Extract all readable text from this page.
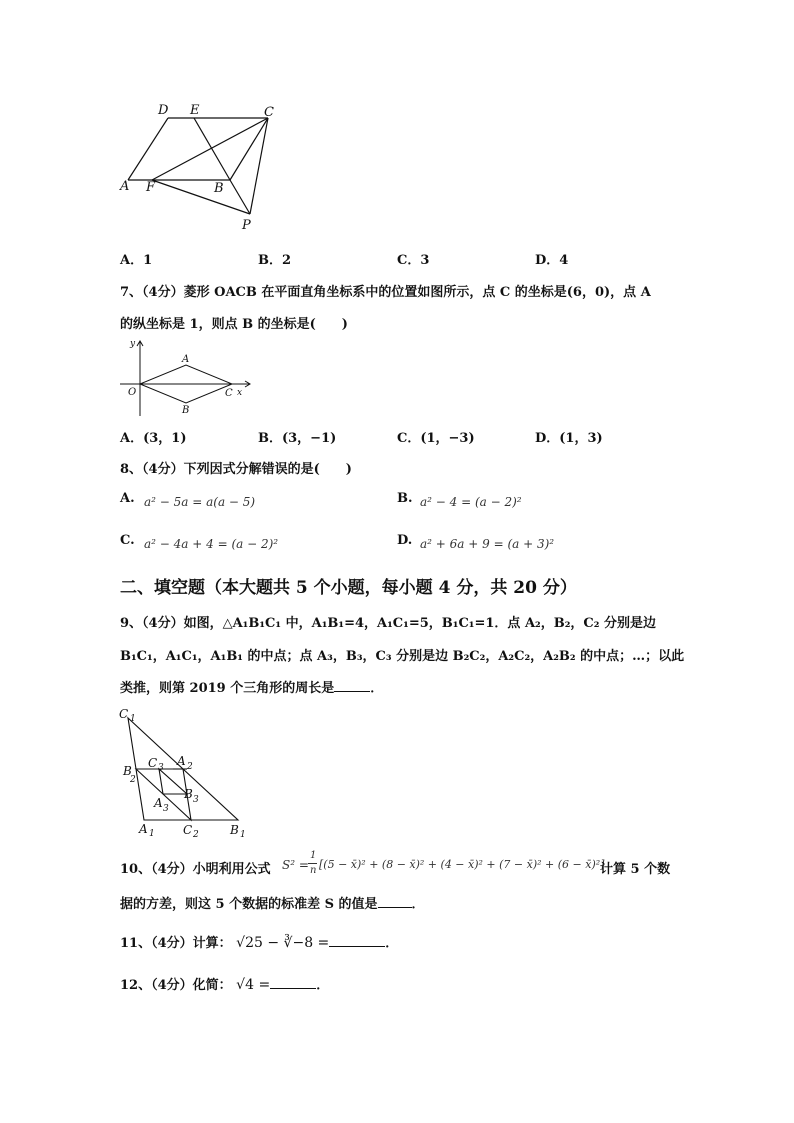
D E	C
A F	B
P
A．1	B．2	C．3	D．4
7、（4分）菱形 OACB 在平面直角坐标系中的位置如图所示，点 C 的坐标是(6，0)，点 A
的纵坐标是 1，则点 B 的坐标是(　　)
y
x
O
A
B
C
A．(3，1)	B．(3，−1)	C．(1，−3)	D．(1，3)
8、（4分）下列因式分解错误的是(　　)
A. a² − 5a = a(a − 5)	B. a² − 4 = (a − 2)²
C. a² − 4a + 4 = (a − 2)²	D. a² + 6a + 9 = (a + 3)²
二、填空题（本大题共 5 个小题，每小题 4 分，共 20 分）
9、（4分）如图，△A₁B₁C₁ 中，A₁B₁=4，A₁C₁=5，B₁C₁=1．点 A₂，B₂，C₂ 分别是边
B₁C₁，A₁C₁，A₁B₁ 的中点；点 A₃，B₃，C₃ 分别是边 B₂C₂，A₂C₂，A₂B₂ 的中点；…；以此
类推，则第 2019 个三角形的周长是	．
C 1
B
2
C 3 A 2
B 3
A 3
A 1 C 2	B 1
10、（4分）小明利用公式 S² =
1
n [(5 − x̄)² + (8 − x̄)² + (4 − x̄)² + (7 − x̄)² + (6 − x̄)²]
计算 5 个数
据的方差，则这 5 个数据的标准差 S 的值是	．
11、（4分）计算： √25 − ∛−8 =	．
12、（4分）化简： √4 =	．
